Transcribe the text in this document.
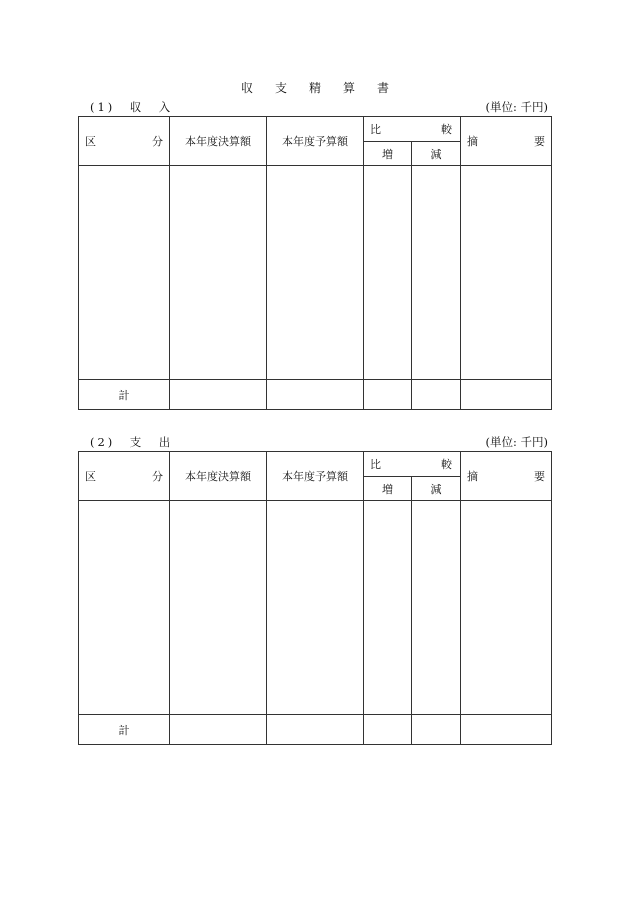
収支精算書
(1)　収　入	(単位: 千円)
区 分	本年度決算額	本年度予算額	比 較		摘 要

			増	減	

計					
(2)　支　出	(単位: 千円)
区 分	本年度決算額	本年度予算額	比 較		摘 要

			増	減	

計					
